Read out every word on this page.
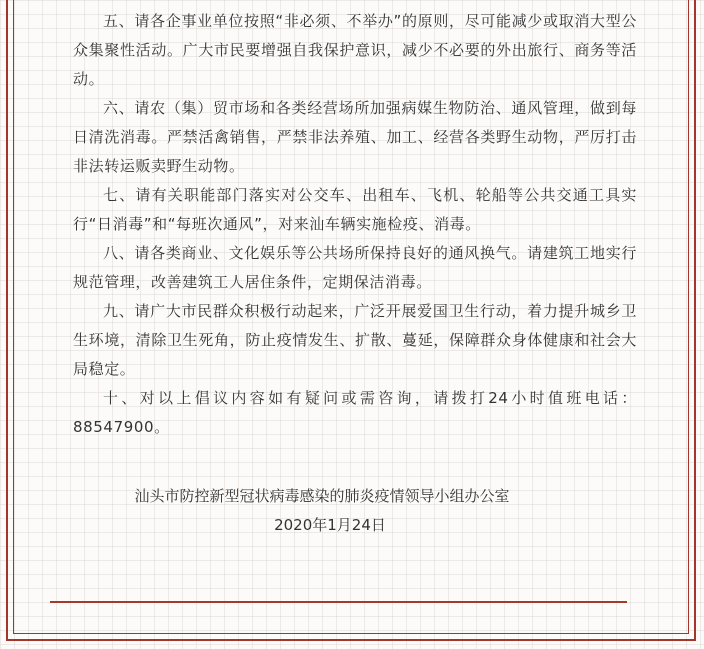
五、请各企事业单位按照“非必须、不举办”的原则，尽可能减少或取消大型公众集聚性活动。广大市民要增强自我保护意识，减少不必要的外出旅行、商务等活动。

六、请农（集）贸市场和各类经营场所加强病媒生物防治、通风管理，做到每日清洗消毒。严禁活禽销售，严禁非法养殖、加工、经营各类野生动物，严厉打击非法转运贩卖野生动物。

七、请有关职能部门落实对公交车、出租车、飞机、轮船等公共交通工具实行“日消毒”和“每班次通风”，对来汕车辆实施检疫、消毒。

八、请各类商业、文化娱乐等公共场所保持良好的通风换气。请建筑工地实行规范管理，改善建筑工人居住条件，定期保洁消毒。

九、请广大市民群众积极行动起来，广泛开展爱国卫生行动，着力提升城乡卫生环境，清除卫生死角，防止疫情发生、扩散、蔓延，保障群众身体健康和社会大局稳定。

十、对以上倡议内容如有疑问或需咨询，请拨打24小时值班电话：88547900。

汕头市防控新型冠状病毒感染的肺炎疫情领导小组办公室
2020年1月24日
